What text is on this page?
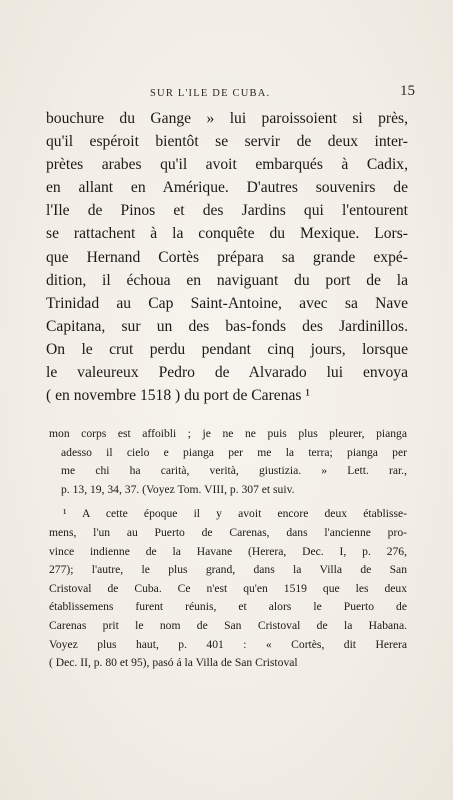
SUR L'ILE DE CUBA.	15
bouchure du Gange » lui paroissoient si près,
qu'il espéroit bientôt se servir de deux inter-
prètes arabes qu'il avoit embarqués à Cadix,
en allant en Amérique. D'autres souvenirs de
l'Ile de Pinos et des Jardins qui l'entourent
se rattachent à la conquête du Mexique. Lors-
que Hernand Cortès prépara sa grande expé-
dition, il échoua en naviguant du port de la
Trinidad au Cap Saint-Antoine, avec sa Nave
Capitana, sur un des bas-fonds des Jardinillos.
On le crut perdu pendant cinq jours, lorsque
le valeureux Pedro de Alvarado lui envoya
( en novembre 1518 ) du port de Carenas ¹
mon corps est affoibli ; je ne ne puis plus pleurer, pianga
adesso il cielo e pianga per me la terra; pianga per
me chi ha carità, verità, giustizia. » Lett. rar.,
p. 13, 19, 34, 37. (Voyez Tom. VIII, p. 307 et suiv.
¹ A cette époque il y avoit encore deux établisse-
mens, l'un au Puerto de Carenas, dans l'ancienne pro-
vince indienne de la Havane (Herera, Dec. I, p. 276,
277); l'autre, le plus grand, dans la Villa de San
Cristoval de Cuba. Ce n'est qu'en 1519 que les deux
établissemens furent réunis, et alors le Puerto de
Carenas prit le nom de San Cristoval de la Habana.
Voyez plus haut, p. 401 : « Cortès, dit Herera
( Dec. II, p. 80 et 95), pasó á la Villa de San Cristoval
